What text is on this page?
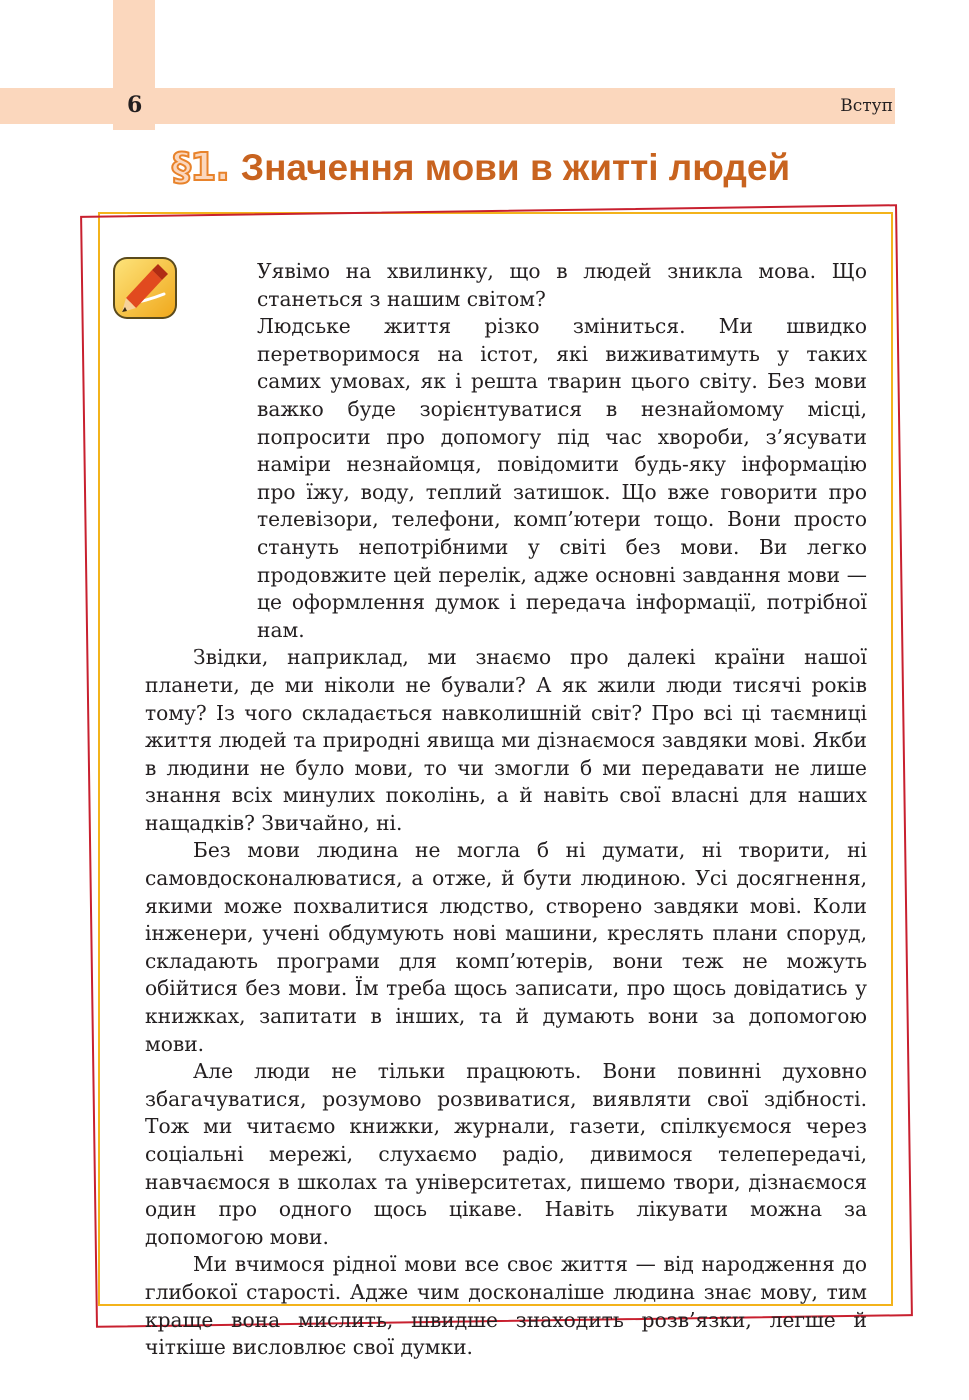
6	Вступ
§1. Значення мови в житті людей

Уявімо на хвилинку, що в людей зникла мова. Що станеться з нашим світом?

Людське життя різко зміниться. Ми швидко перетворимося на істот, які виживатимуть у таких самих умовах, як і решта тварин цього світу. Без мови важко буде зорієнтуватися в незнайомому місці, попросити про допомогу під час хвороби, з’ясувати наміри незнайомця, повідомити будь-яку інформацію про їжу, воду, теплий затишок. Що вже говорити про телевізори, телефони, комп’ютери тощо. Вони просто стануть непотрібними у світі без мови. Ви легко продовжите цей перелік, адже основні завдання мови — це оформлення думок і передача інформації, потрібної нам.

Звідки, наприклад, ми знаємо про далекі країни нашої планети, де ми ніколи не бували? А як жили люди тисячі років тому? Із чого складається навколишній світ? Про всі ці таємниці життя людей та природні явища ми дізнаємося завдяки мові. Якби в людини не було мови, то чи змогли б ми передавати не лише знання всіх минулих поколінь, а й навіть свої власні для наших нащадків? Звичайно, ні.

Без мови людина не могла б ні думати, ні творити, ні самовдосконалюватися, а отже, й бути людиною. Усі досягнення, якими може похвалитися людство, створено завдяки мові. Коли інженери, учені обдумують нові машини, креслять плани споруд, складають програми для комп’ютерів, вони теж не можуть обійтися без мови. Їм треба щось записати, про щось довідатись у книжках, запитати в інших, та й думають вони за допомогою мови.

Але люди не тільки працюють. Вони повинні духовно збагачуватися, розумово розвиватися, виявляти свої здібності. Тож ми читаємо книжки, журнали, газети, спілкуємося через соціальні мережі, слухаємо радіо, дивимося телепередачі, навчаємося в школах та університетах, пишемо твори, дізнаємося один про одного щось цікаве. Навіть лікувати можна за допомогою мови.

Ми вчимося рідної мови все своє життя — від народження до глибокої старості. Адже чим досконаліше людина знає мову, тим краще вона мислить, швидше знаходить розв’язки, легше й чіткіше висловлює свої думки.
